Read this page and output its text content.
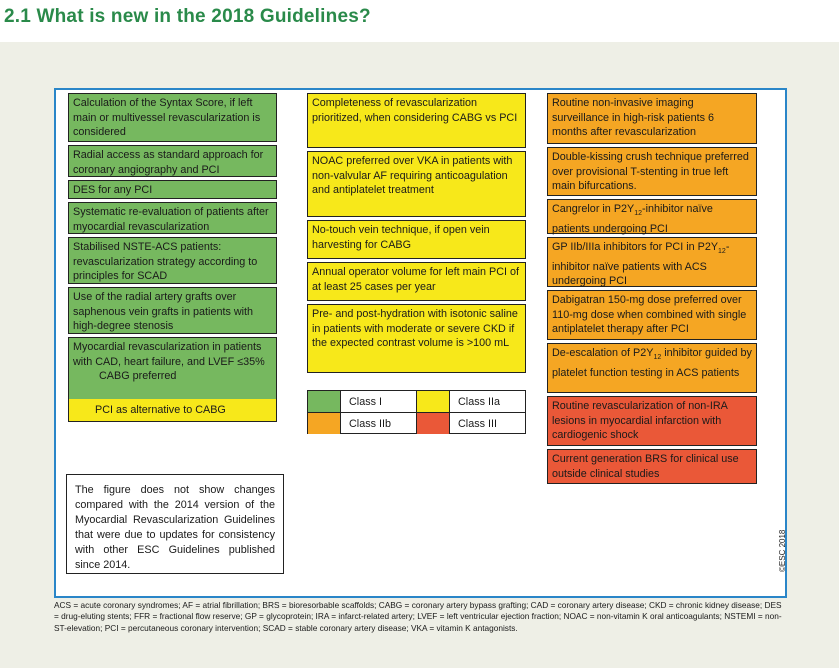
2.1 What is new in the 2018 Guidelines?
Calculation of the Syntax Score, if left main or multivessel revascularization is considered
Radial access as standard approach for coronary angiography and PCI
DES for any PCI
Systematic re-evaluation of patients after myocardial revascularization
Stabilised NSTE-ACS patients: revascularization strategy according to principles for SCAD
Use of the radial artery grafts over saphenous vein grafts in patients with high-degree stenosis
Myocardial revascularization in patients with CAD, heart failure, and LVEF ≤35%
CABG preferred
PCI as alternative to CABG
Completeness of revascularization prioritized, when considering CABG vs PCI
NOAC preferred over VKA in patients with non-valvular AF requiring anticoagulation and antiplatelet treatment
No-touch vein technique, if open vein harvesting for CABG
Annual operator volume for left main PCI of at least 25 cases per year
Pre- and post-hydration with isotonic saline in patients with moderate or severe CKD if the expected contrast volume is >100 mL
Class I	Class IIa
Class IIb	Class III
Routine non-invasive imaging surveillance in high-risk patients 6 months after revascularization
Double-kissing crush technique preferred over provisional T-stenting in true left main bifurcations.
Cangrelor in $P2Y_{12}$-inhibitor naïve patients undergoing PCI
GP IIb/IIIa inhibitors for PCI in $P2Y_{12}$-inhibitor naïve patients with ACS undergoing PCI
Dabigatran 150-mg dose preferred over 110-mg dose when combined with single antiplatelet therapy after PCI
De-escalation of $P2Y_{12}$ inhibitor guided by platelet function testing in ACS patients
Routine revascularization of non-IRA lesions in myocardial infarction with cardiogenic shock
Current generation BRS for clinical use outside clinical studies
The figure does not show changes compared with the 2014 version of the Myocardial Revascularization Guidelines that were due to updates for consistency with other ESC Guidelines published since 2014.	©ESC 2018
ACS = acute coronary syndromes; AF = atrial fibrillation; BRS = bioresorbable scaffolds; CABG = coronary artery bypass grafting; CAD = coronary artery disease; CKD = chronic kidney disease; DES = drug-eluting stents; FFR = fractional flow reserve; GP = glycoprotein; IRA = infarct-related artery; LVEF = left ventricular ejection fraction; NOAC = non-vitamin K oral anticoagulants; NSTEMI = non-ST-elevation; PCI = percutaneous coronary intervention; SCAD = stable coronary artery disease; VKA = vitamin K antagonists.
